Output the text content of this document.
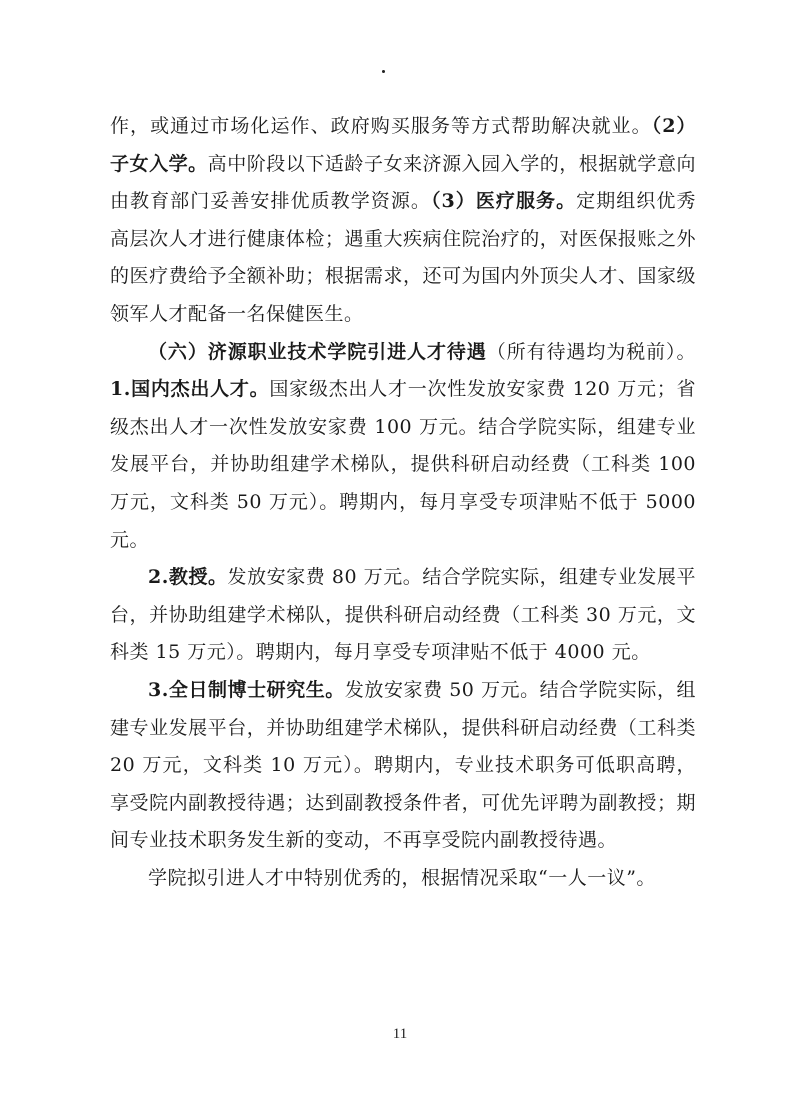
作，或通过市场化运作、政府购买服务等方式帮助解决就业。（2）子女入学。高中阶段以下适龄子女来济源入园入学的，根据就学意向由教育部门妥善安排优质教学资源。（3）医疗服务。定期组织优秀高层次人才进行健康体检；遇重大疾病住院治疗的，对医保报账之外的医疗费给予全额补助；根据需求，还可为国内外顶尖人才、国家级领军人才配备一名保健医生。

（六）济源职业技术学院引进人才待遇（所有待遇均为税前）。1.国内杰出人才。国家级杰出人才一次性发放安家费 120 万元；省级杰出人才一次性发放安家费 100 万元。结合学院实际，组建专业发展平台，并协助组建学术梯队，提供科研启动经费（工科类 100 万元，文科类 50 万元）。聘期内，每月享受专项津贴不低于 5000 元。

2.教授。发放安家费 80 万元。结合学院实际，组建专业发展平台，并协助组建学术梯队，提供科研启动经费（工科类 30 万元，文科类 15 万元）。聘期内，每月享受专项津贴不低于 4000 元。

3.全日制博士研究生。发放安家费 50 万元。结合学院实际，组建专业发展平台，并协助组建学术梯队，提供科研启动经费（工科类 20 万元，文科类 10 万元）。聘期内，专业技术职务可低职高聘，享受院内副教授待遇；达到副教授条件者，可优先评聘为副教授；期间专业技术职务发生新的变动，不再享受院内副教授待遇。

学院拟引进人才中特别优秀的，根据情况采取“一人一议”。

11
